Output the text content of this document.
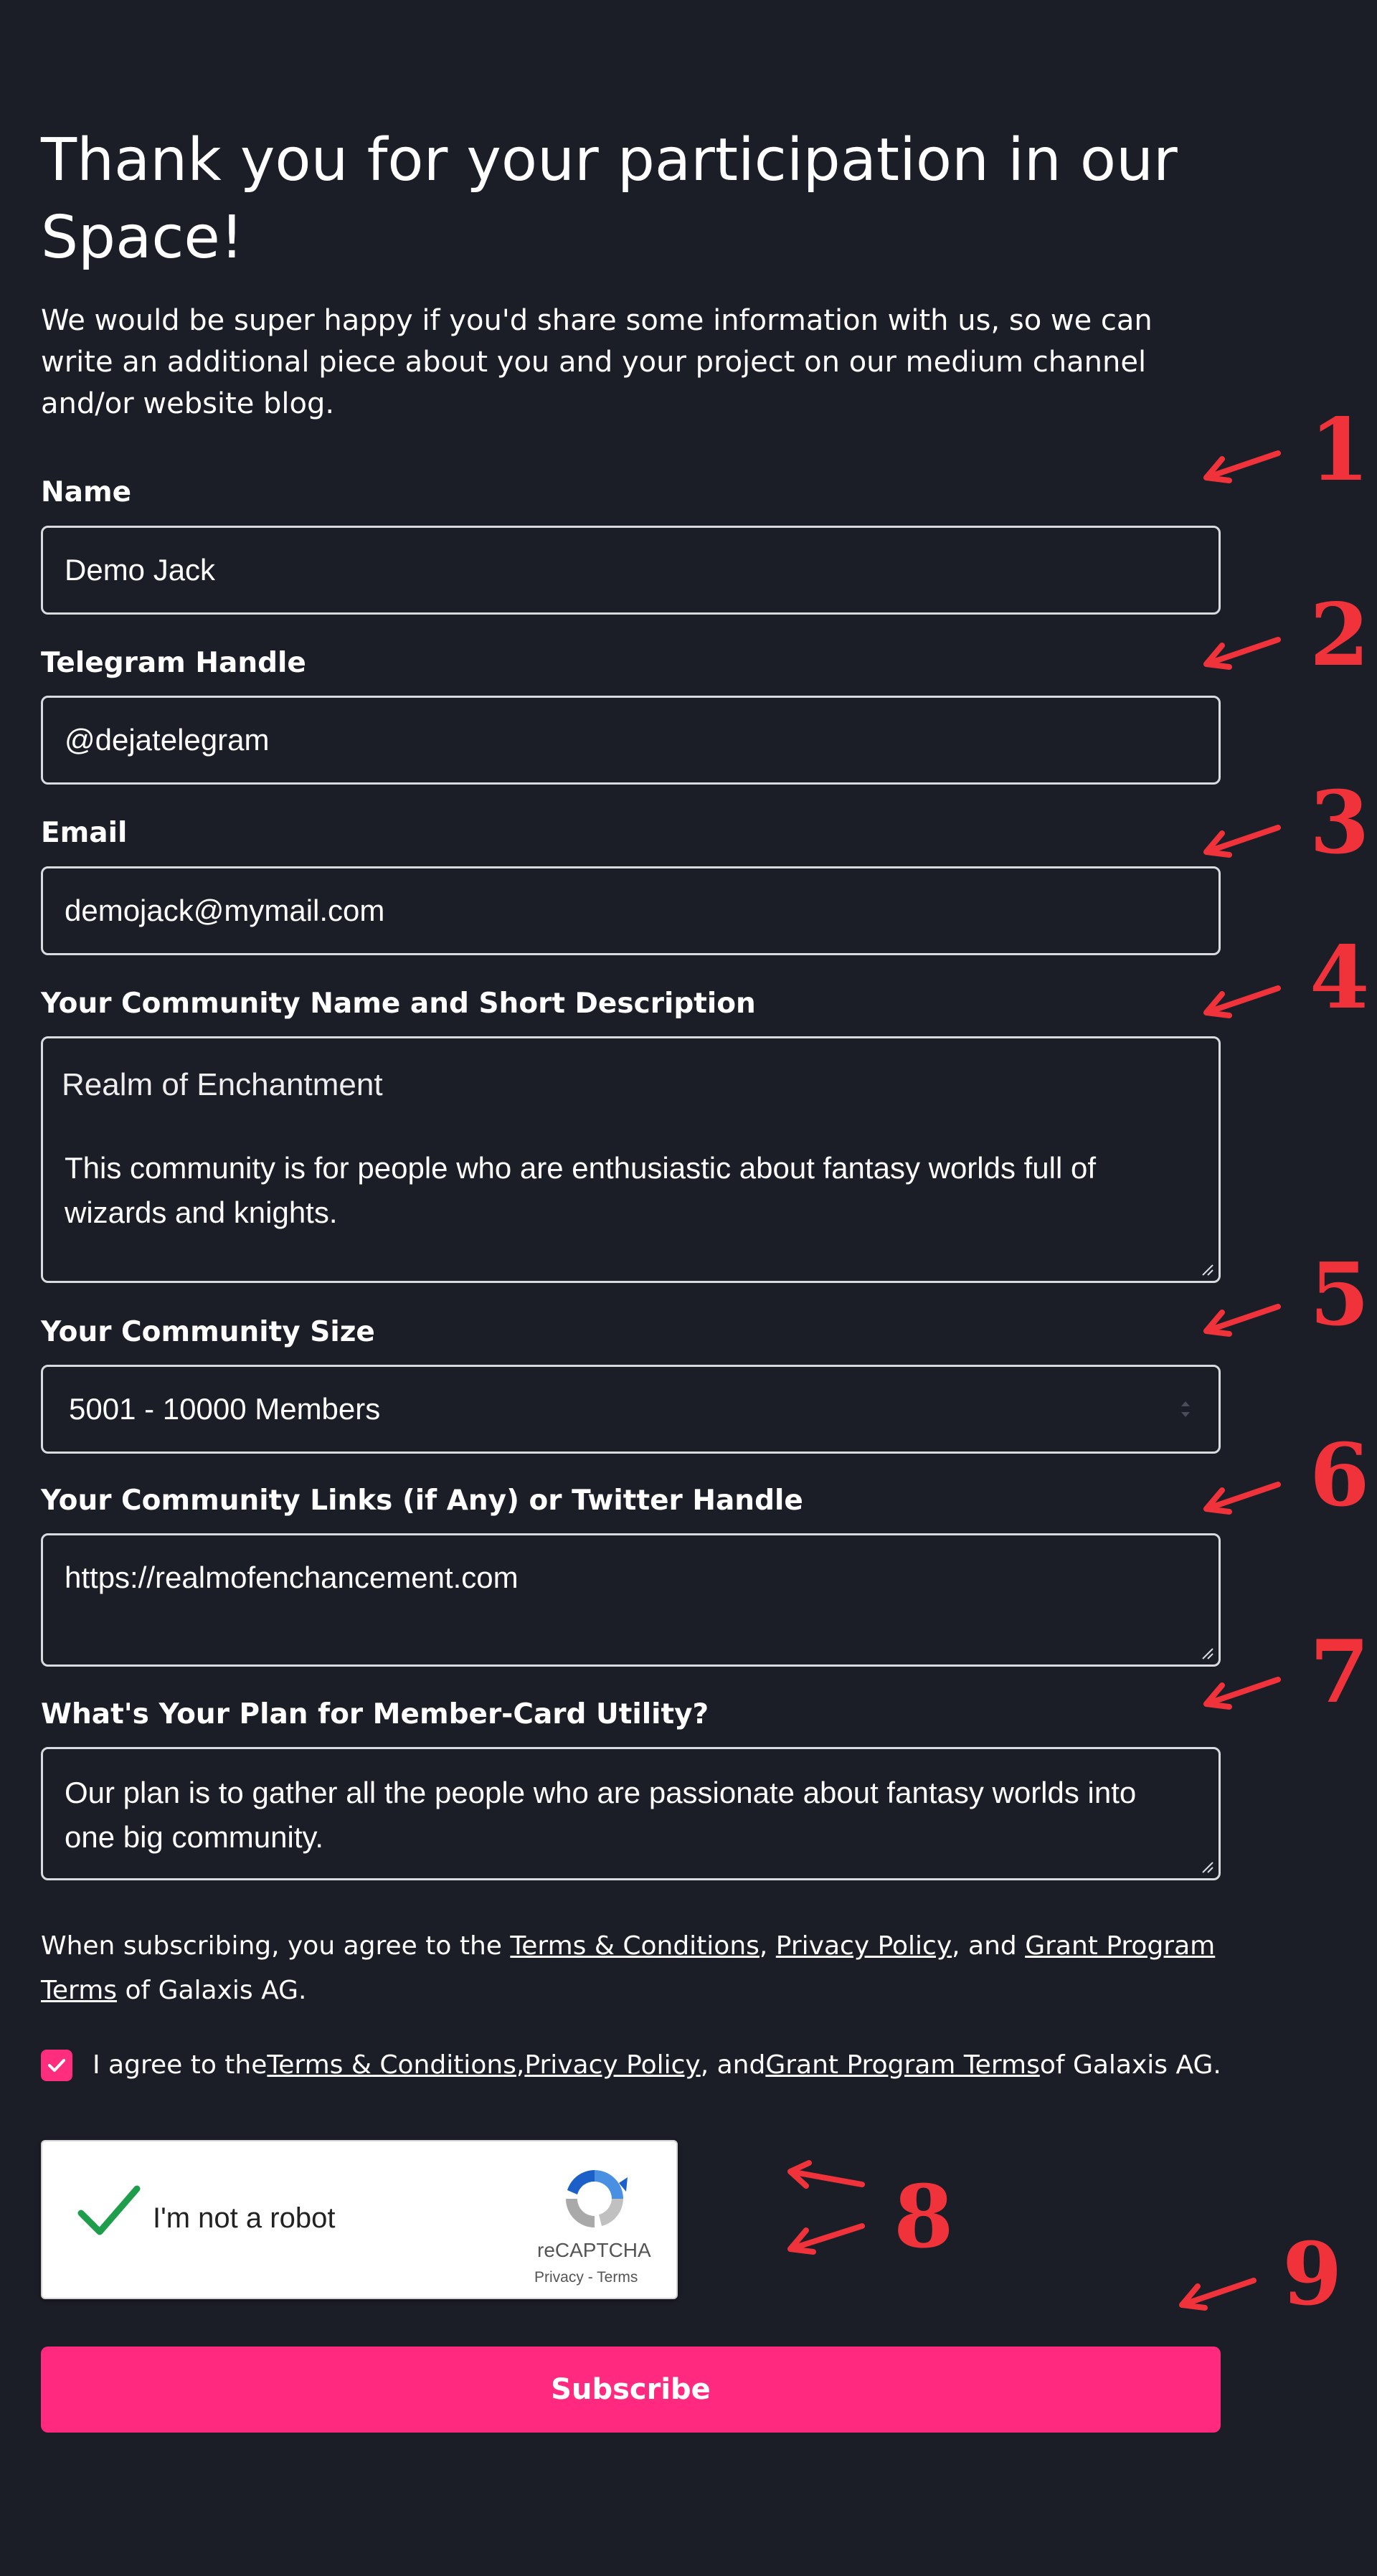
Thank you for your participation in our Space!

We would be super happy if you'd share some information with us, so we can write an additional piece about you and your project on our medium channel and/or website blog.

Name
Demo Jack
Telegram Handle
@dejatelegram
Email
demojack@mymail.com
Your Community Name and Short Description
Realm of Enchantment
This community is for people who are enthusiastic about fantasy worlds full of wizards and knights.
Your Community Size
5001 - 10000 Members
Your Community Links (if Any) or Twitter Handle
https://realmofenchancement.com
What's Your Plan for Member-Card Utility?
Our plan is to gather all the people who are passionate about fantasy worlds into one big community.
When subscribing, you agree to the Terms & Conditions, Privacy Policy, and Grant Program Terms of Galaxis AG.
I agree to the Terms & Conditions , Privacy Policy , and Grant Program Terms of Galaxis AG.
I'm not a robot
reCAPTCHA
Privacy - Terms
Subscribe
1
2
3
4
5
6
7
8
9
